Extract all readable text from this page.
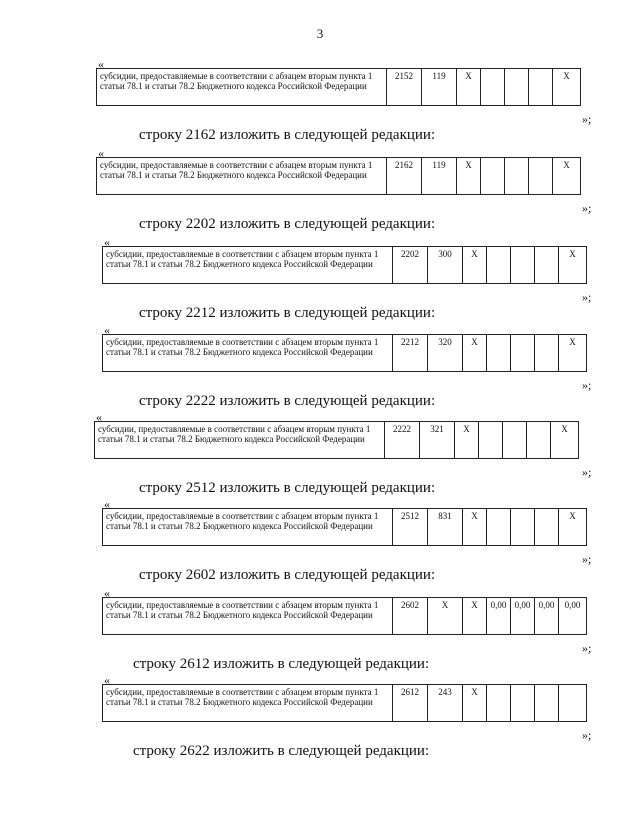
3
«
субсидии, предоставляемые в соответствии с абзацем вторым пункта 1 статьи 78.1 и статьи 78.2 Бюджетного кодекса Российской Федерации	2152	119	Х				Х
»;
строку 2162 изложить в следующей редакции:
«
субсидии, предоставляемые в соответствии с абзацем вторым пункта 1 статьи 78.1 и статьи 78.2 Бюджетного кодекса Российской Федерации	2162	119	Х				Х
»;
строку 2202 изложить в следующей редакции:
«
субсидии, предоставляемые в соответствии с абзацем вторым пункта 1 статьи 78.1 и статьи 78.2 Бюджетного кодекса Российской Федерации	2202	300	Х				Х
»;
строку 2212 изложить в следующей редакции:
«
субсидии, предоставляемые в соответствии с абзацем вторым пункта 1 статьи 78.1 и статьи 78.2 Бюджетного кодекса Российской Федерации	2212	320	Х				Х
»;
строку 2222 изложить в следующей редакции:
«
субсидии, предоставляемые в соответствии с абзацем вторым пункта 1 статьи 78.1 и статьи 78.2 Бюджетного кодекса Российской Федерации	2222	321	Х				Х
»;
строку 2512 изложить в следующей редакции:
«
субсидии, предоставляемые в соответствии с абзацем вторым пункта 1 статьи 78.1 и статьи 78.2 Бюджетного кодекса Российской Федерации	2512	831	Х				Х
»;
строку 2602 изложить в следующей редакции:
«
субсидии, предоставляемые в соответствии с абзацем вторым пункта 1 статьи 78.1 и статьи 78.2 Бюджетного кодекса Российской Федерации	2602	Х	Х	0,00	0,00	0,00	0,00
»;
строку 2612 изложить в следующей редакции:
«
субсидии, предоставляемые в соответствии с абзацем вторым пункта 1 статьи 78.1 и статьи 78.2 Бюджетного кодекса Российской Федерации	2612	243	Х				
»;
строку 2622 изложить в следующей редакции:
